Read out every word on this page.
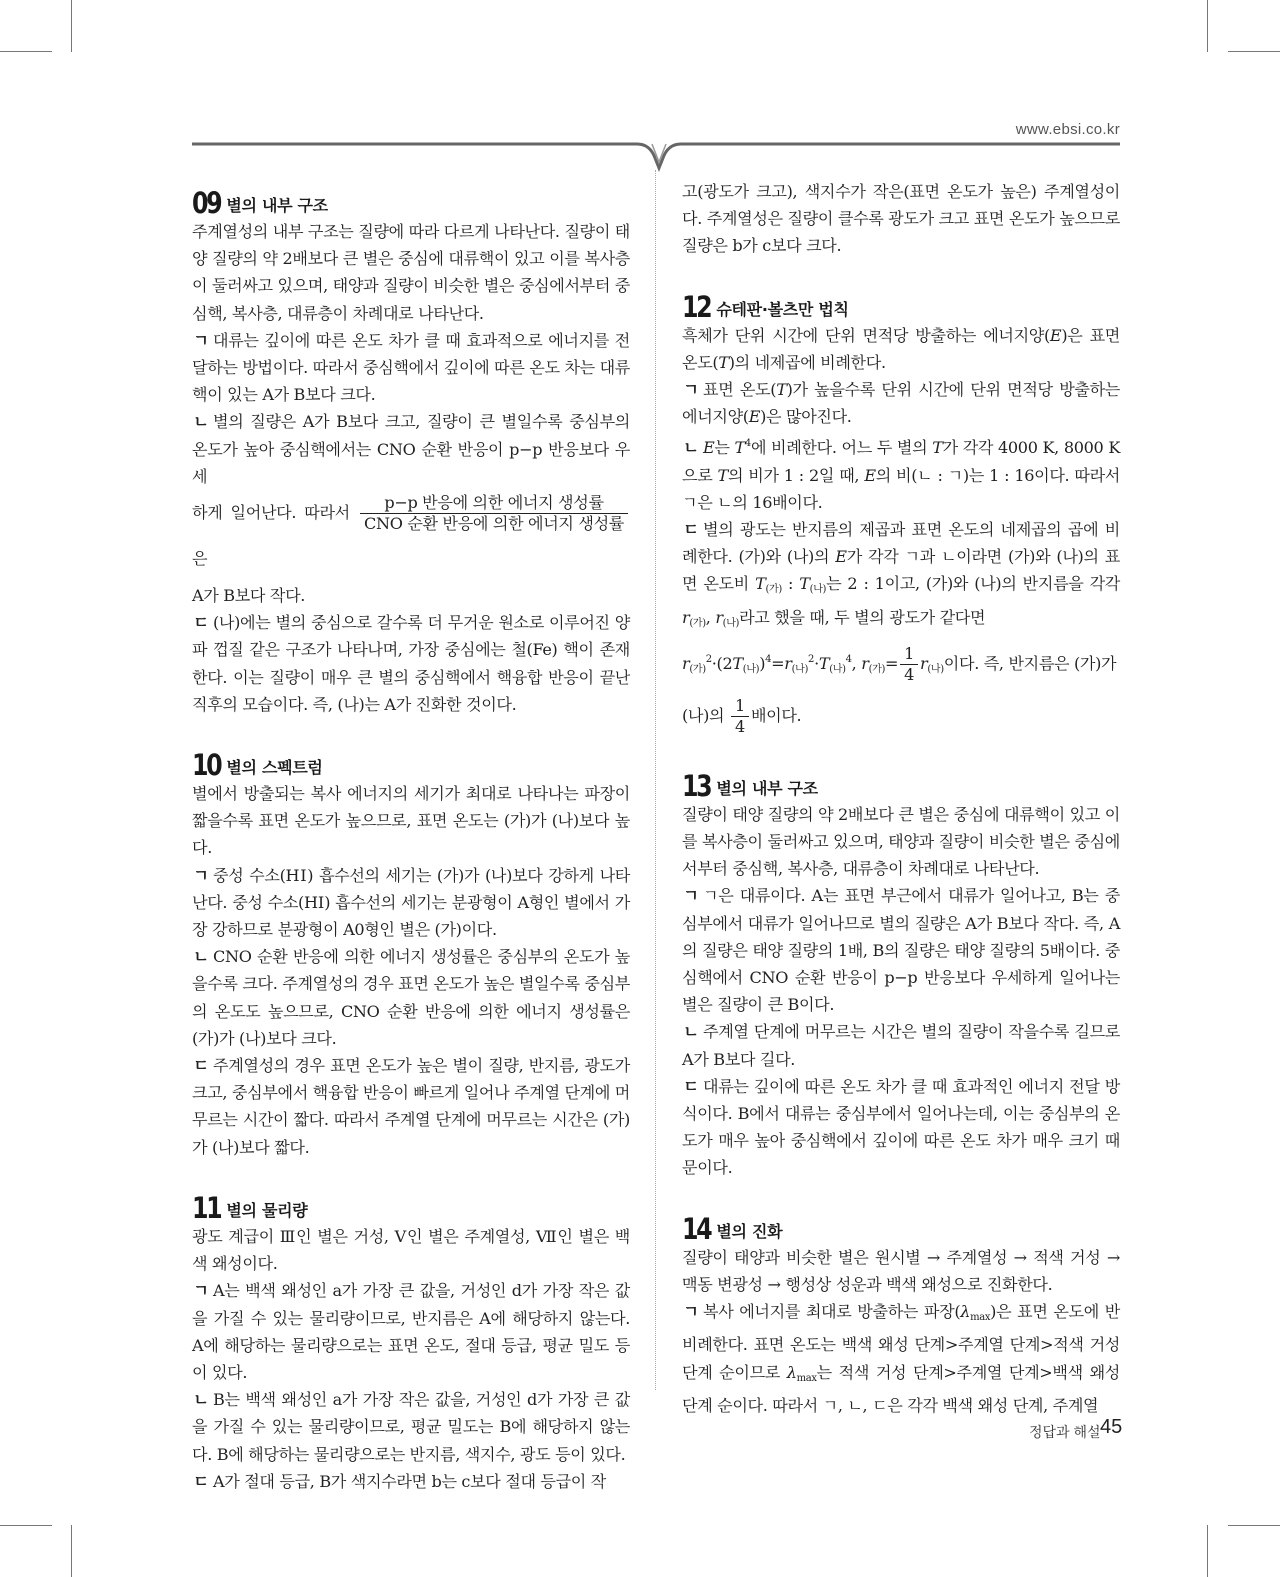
www.ebsi.co.kr
09 별의 내부 구조

주계열성의 내부 구조는 질량에 따라 다르게 나타난다. 질량이 태양 질량의 약 2배보다 큰 별은 중심에 대류핵이 있고 이를 복사층이 둘러싸고 있으며, 태양과 질량이 비슷한 별은 중심에서부터 중심핵, 복사층, 대류층이 차례대로 나타난다.

ㄱ 대류는 깊이에 따른 온도 차가 클 때 효과적으로 에너지를 전달하는 방법이다. 따라서 중심핵에서 깊이에 따른 온도 차는 대류핵이 있는 A가 B보다 크다.

ㄴ 별의 질량은 A가 B보다 크고, 질량이 큰 별일수록 중심부의 온도가 높아 중심핵에서는 CNO 순환 반응이 p−p 반응보다 우세

하게 일어난다. 따라서 $\frac{\text{p−p 반응에 의한 에너지 생성률}}{\text{CNO 순환 반응에 의한 에너지 생성률}}$
은

A가 B보다 작다.

ㄷ (나)에는 별의 중심으로 갈수록 더 무거운 원소로 이루어진 양파 껍질 같은 구조가 나타나며, 가장 중심에는 철(Fe) 핵이 존재한다. 이는 질량이 매우 큰 별의 중심핵에서 핵융합 반응이 끝난 직후의 모습이다. 즉, (나)는 A가 진화한 것이다.

10 별의 스펙트럼

별에서 방출되는 복사 에너지의 세기가 최대로 나타나는 파장이 짧을수록 표면 온도가 높으므로, 표면 온도는 (가)가 (나)보다 높다.

ㄱ 중성 수소(HⅠ) 흡수선의 세기는 (가)가 (나)보다 강하게 나타난다. 중성 수소(HⅠ) 흡수선의 세기는 분광형이 A형인 별에서 가장 강하므로 분광형이 A0형인 별은 (가)이다.

ㄴ CNO 순환 반응에 의한 에너지 생성률은 중심부의 온도가 높을수록 크다. 주계열성의 경우 표면 온도가 높은 별일수록 중심부의 온도도 높으므로, CNO 순환 반응에 의한 에너지 생성률은 (가)가 (나)보다 크다.

ㄷ 주계열성의 경우 표면 온도가 높은 별이 질량, 반지름, 광도가 크고, 중심부에서 핵융합 반응이 빠르게 일어나 주계열 단계에 머무르는 시간이 짧다. 따라서 주계열 단계에 머무르는 시간은 (가)가 (나)보다 짧다.

11 별의 물리량

광도 계급이 Ⅲ인 별은 거성, Ⅴ인 별은 주계열성, Ⅶ인 별은 백색 왜성이다.

ㄱ A는 백색 왜성인 a가 가장 큰 값을, 거성인 d가 가장 작은 값을 가질 수 있는 물리량이므로, 반지름은 A에 해당하지 않는다. A에 해당하는 물리량으로는 표면 온도, 절대 등급, 평균 밀도 등이 있다.

ㄴ B는 백색 왜성인 a가 가장 작은 값을, 거성인 d가 가장 큰 값을 가질 수 있는 물리량이므로, 평균 밀도는 B에 해당하지 않는다. B에 해당하는 물리량으로는 반지름, 색지수, 광도 등이 있다.

ㄷ A가 절대 등급, B가 색지수라면 b는 c보다 절대 등급이 작

고(광도가 크고), 색지수가 작은(표면 온도가 높은) 주계열성이다. 주계열성은 질량이 클수록 광도가 크고 표면 온도가 높으므로 질량은 b가 c보다 크다.

12 슈테판·볼츠만 법칙

흑체가 단위 시간에 단위 면적당 방출하는 에너지양(E)은 표면 온도(T)의 네제곱에 비례한다.

ㄱ 표면 온도(T)가 높을수록 단위 시간에 단위 면적당 방출하는 에너지양(E)은 많아진다.

ㄴ E는 $T^4$에 비례한다. 어느 두 별의 T가 각각 4000 K, 8000 K으로 T의 비가 1 : 2일 때, E의 비(ㄴ : ㄱ)는 1 : 16이다. 따라서 ㄱ은 ㄴ의 16배이다.

ㄷ 별의 광도는 반지름의 제곱과 표면 온도의 네제곱의 곱에 비례한다. (가)와 (나)의 E가 각각 ㄱ과 ㄴ이라면 (가)와 (나)의 표면 온도비 $T_{(가)}$ : $T_{(나)}$는 2 : 1이고, (가)와 (나)의 반지름을 각각 $r_{(가)}$, $r_{(나)}$라고 했을 때, 두 별의 광도가 같다면

$r_{(가)}^2\cdot(2T_{(나)})^4=r_{(나)}^2\cdot T_{(나)}^4$, $r_{(가)}= \frac{1}{4} r_{(나)}$이다. 즉, 반지름은 (가)가

(나)의 $\frac{1}{4}$ 배이다.

13 별의 내부 구조

질량이 태양 질량의 약 2배보다 큰 별은 중심에 대류핵이 있고 이를 복사층이 둘러싸고 있으며, 태양과 질량이 비슷한 별은 중심에서부터 중심핵, 복사층, 대류층이 차례대로 나타난다.

ㄱ ㄱ은 대류이다. A는 표면 부근에서 대류가 일어나고, B는 중심부에서 대류가 일어나므로 별의 질량은 A가 B보다 작다. 즉, A의 질량은 태양 질량의 1배, B의 질량은 태양 질량의 5배이다. 중심핵에서 CNO 순환 반응이 p−p 반응보다 우세하게 일어나는 별은 질량이 큰 B이다.

ㄴ 주계열 단계에 머무르는 시간은 별의 질량이 작을수록 길므로 A가 B보다 길다.

ㄷ 대류는 깊이에 따른 온도 차가 클 때 효과적인 에너지 전달 방식이다. B에서 대류는 중심부에서 일어나는데, 이는 중심부의 온도가 매우 높아 중심핵에서 깊이에 따른 온도 차가 매우 크기 때문이다.

14 별의 진화

질량이 태양과 비슷한 별은 원시별 → 주계열성 → 적색 거성 → 맥동 변광성 → 행성상 성운과 백색 왜성으로 진화한다.

ㄱ 복사 에너지를 최대로 방출하는 파장$(\lambda_{max})$은 표면 온도에 반비례한다. 표면 온도는 백색 왜성 단계>주계열 단계>적색 거성 단계 순이므로 $\lambda_{max}$는 적색 거성 단계>주계열 단계>백색 왜성 단계 순이다. 따라서 ㄱ, ㄴ, ㄷ은 각각 백색 왜성 단계, 주계열

정답과 해설 45
